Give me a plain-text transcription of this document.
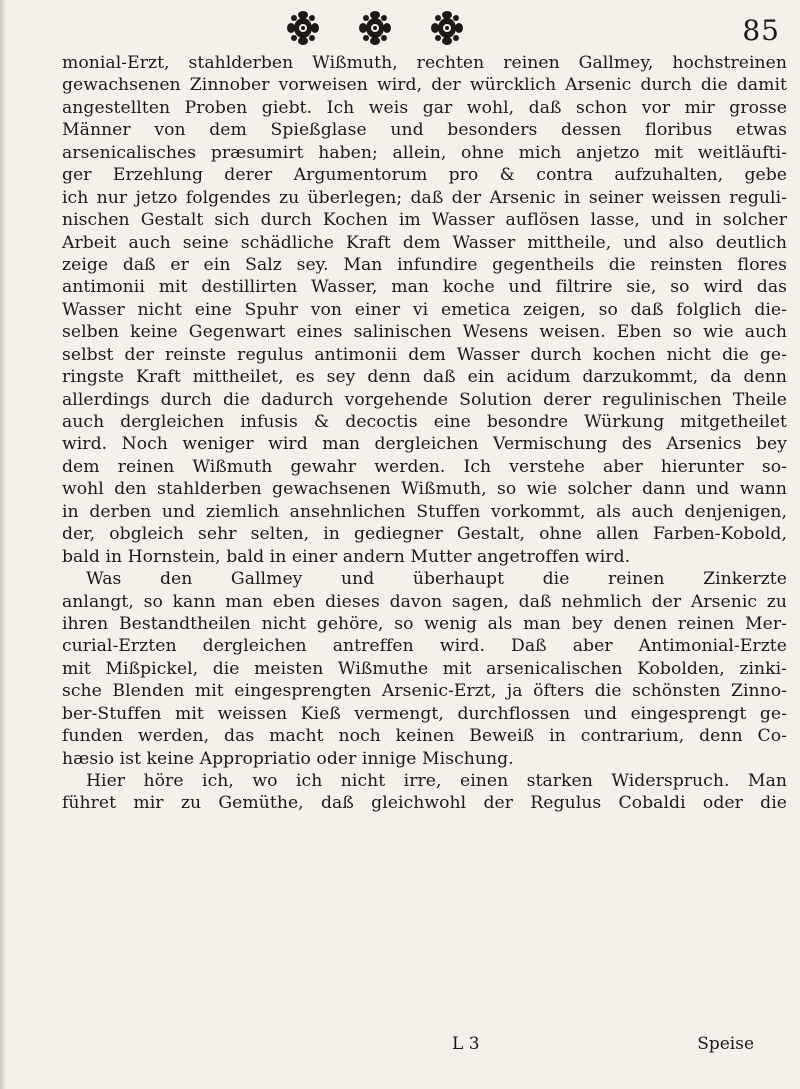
85
monial-Erzt, stahlderben Wißmuth, rechten reinen Gallmey, hochstreinen
gewachsenen Zinnober vorweisen wird, der würcklich Arsenic durch die damit
angestellten Proben giebt. Ich weis gar wohl, daß schon vor mir grosse
Männer von dem Spießglase und besonders dessen floribus etwas
arsenicalisches præsumirt haben; allein, ohne mich anjetzo mit weitläufti-
ger Erzehlung derer Argumentorum pro & contra aufzuhalten, gebe
ich nur jetzo folgendes zu überlegen; daß der Arsenic in seiner weissen reguli-
nischen Gestalt sich durch Kochen im Wasser auflösen lasse, und in solcher
Arbeit auch seine schädliche Kraft dem Wasser mittheile, und also deutlich
zeige daß er ein Salz sey. Man infundire gegentheils die reinsten flores
antimonii mit destillirten Wasser, man koche und filtrire sie, so wird das
Wasser nicht eine Spuhr von einer vi emetica zeigen, so daß folglich die-
selben keine Gegenwart eines salinischen Wesens weisen. Eben so wie auch
selbst der reinste regulus antimonii dem Wasser durch kochen nicht die ge-
ringste Kraft mittheilet, es sey denn daß ein acidum darzukommt, da denn
allerdings durch die dadurch vorgehende Solution derer regulinischen Theile
auch dergleichen infusis & decoctis eine besondre Würkung mitgetheilet
wird. Noch weniger wird man dergleichen Vermischung des Arsenics bey
dem reinen Wißmuth gewahr werden. Ich verstehe aber hierunter so-
wohl den stahlderben gewachsenen Wißmuth, so wie solcher dann und wann
in derben und ziemlich ansehnlichen Stuffen vorkommt, als auch denjenigen,
der, obgleich sehr selten, in gediegner Gestalt, ohne allen Farben-Kobold,
bald in Hornstein, bald in einer andern Mutter angetroffen wird.
Was den Gallmey und überhaupt die reinen Zinkerzte
anlangt, so kann man eben dieses davon sagen, daß nehmlich der Arsenic zu
ihren Bestandtheilen nicht gehöre, so wenig als man bey denen reinen Mer-
curial-Erzten dergleichen antreffen wird. Daß aber Antimonial-Erzte
mit Mißpickel, die meisten Wißmuthe mit arsenicalischen Kobolden, zinki-
sche Blenden mit eingesprengten Arsenic-Erzt, ja öfters die schönsten Zinno-
ber-Stuffen mit weissen Kieß vermengt, durchflossen und eingesprengt ge-
funden werden, das macht noch keinen Beweiß in contrarium, denn Co-
hæsio ist keine Appropriatio oder innige Mischung.
Hier höre ich, wo ich nicht irre, einen starken Widerspruch. Man
führet mir zu Gemüthe, daß gleichwohl der Regulus Cobaldi oder die
L 3	Speise
